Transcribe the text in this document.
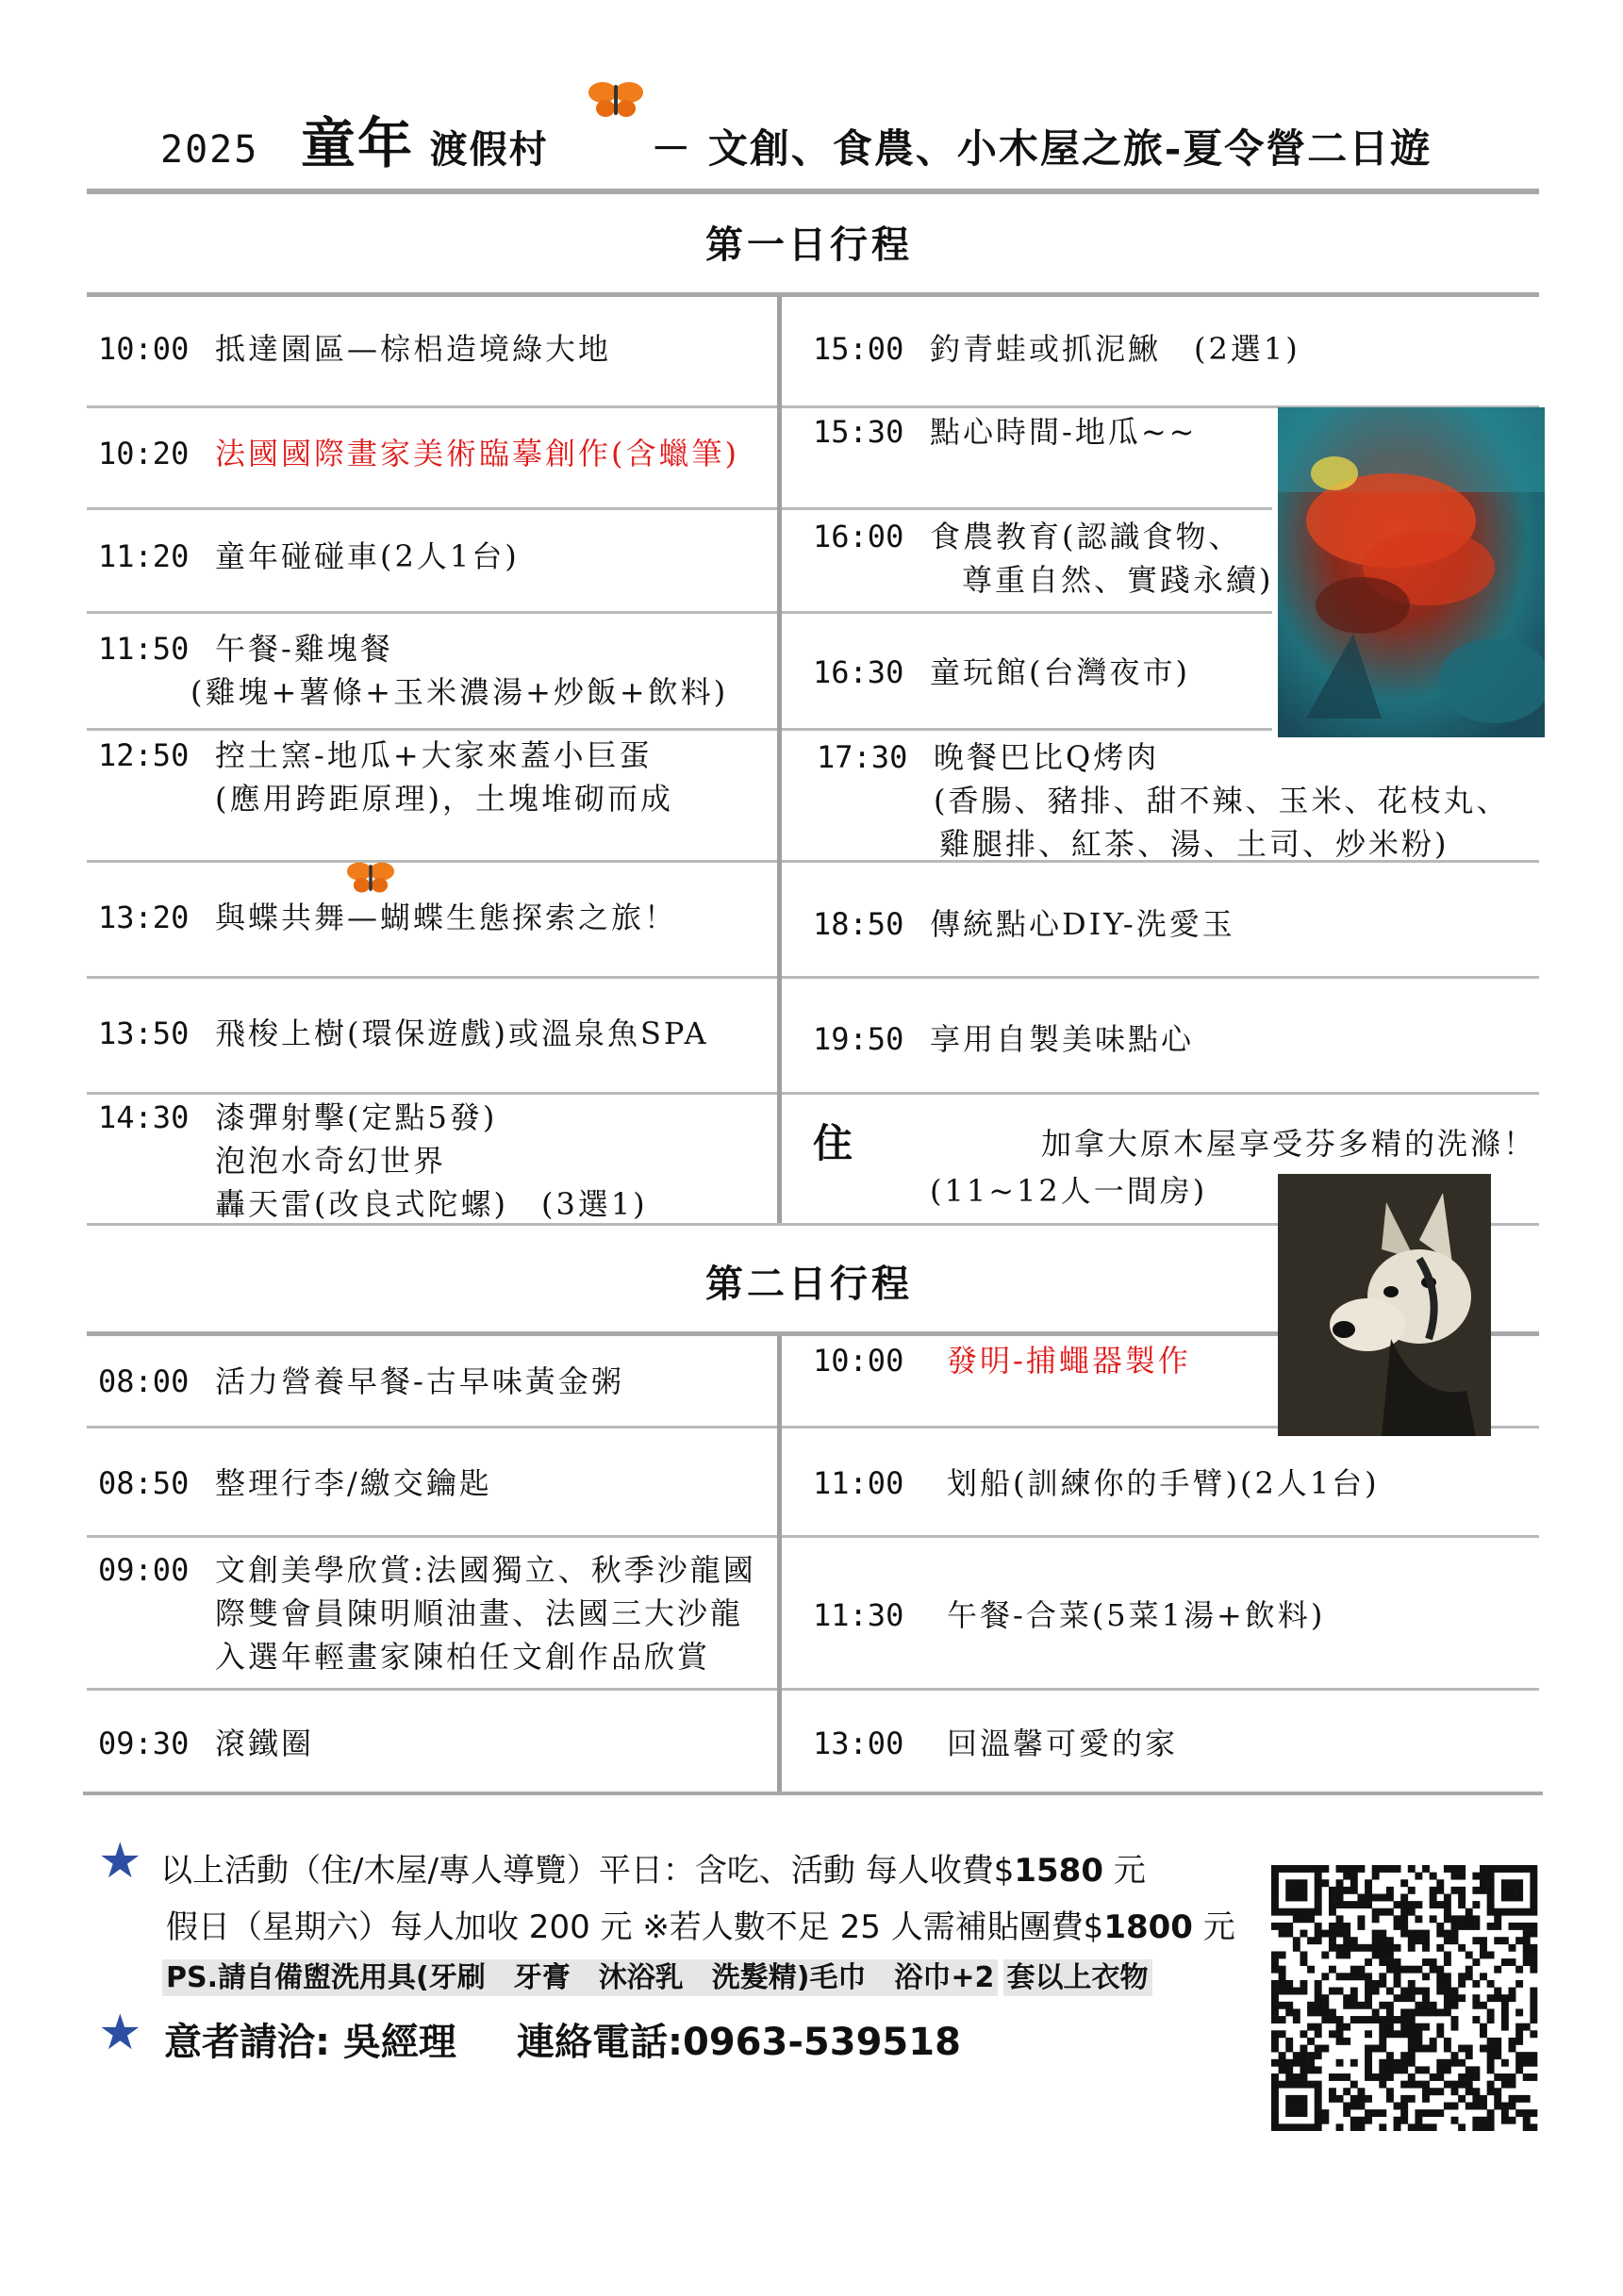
2025 童年 渡假村	－ 文創、食農、小木屋之旅-夏令營二日遊
第一日行程
10:00 抵達園區—棕梠造境綠大地
10:20 法國國際畫家美術臨摹創作(含蠟筆)
11:20 童年碰碰車(2人1台)
11:50 午餐-雞塊餐
(雞塊+薯條+玉米濃湯+炒飯+飲料)
12:50 控土窯-地瓜+大家來蓋小巨蛋
(應用跨距原理)，土塊堆砌而成
13:20 與蝶共舞—蝴蝶生態探索之旅！
13:50 飛梭上樹(環保遊戲)或溫泉魚SPA
14:30 漆彈射擊(定點5發)
泡泡水奇幻世界
轟天雷(改良式陀螺)　(3選1)
15:00 釣青蛙或抓泥鰍　(2選1)
15:30 點心時間-地瓜~~
16:00 食農教育(認識食物、
尊重自然、實踐永續)
16:30 童玩館(台灣夜市)
17:30 晚餐巴比Q烤肉
(香腸、豬排、甜不辣、玉米、花枝丸、
雞腿排、紅茶、湯、土司、炒米粉)
18:50 傳統點心DIY-洗愛玉
19:50 享用自製美味點心
住	加拿大原木屋享受芬多精的洗滌！
(11~12人一間房)
第二日行程
08:00 活力營養早餐-古早味黃金粥
08:50 整理行李/繳交鑰匙
09:00 文創美學欣賞:法國獨立、秋季沙龍國
際雙會員陳明順油畫、法國三大沙龍
入選年輕畫家陳柏任文創作品欣賞
09:30 滾鐵圈
10:00 發明-捕蠅器製作
11:00 划船(訓練你的手臂)(2人1台)
11:30 午餐-合菜(5菜1湯+飲料)
13:00 回溫馨可愛的家
★ 以上活動（住/木屋/專人導覽）平日：含吃、活動 每人收費$1580 元
假日（星期六）每人加收 200 元 ※若人數不足 25 人需補貼團費$1800 元
PS.請自備盥洗用具(牙刷　牙膏　沐浴乳　洗髮精)毛巾　浴巾+2 套以上衣物
★ 意者請洽: 吳經理 連絡電話:0963-539518
